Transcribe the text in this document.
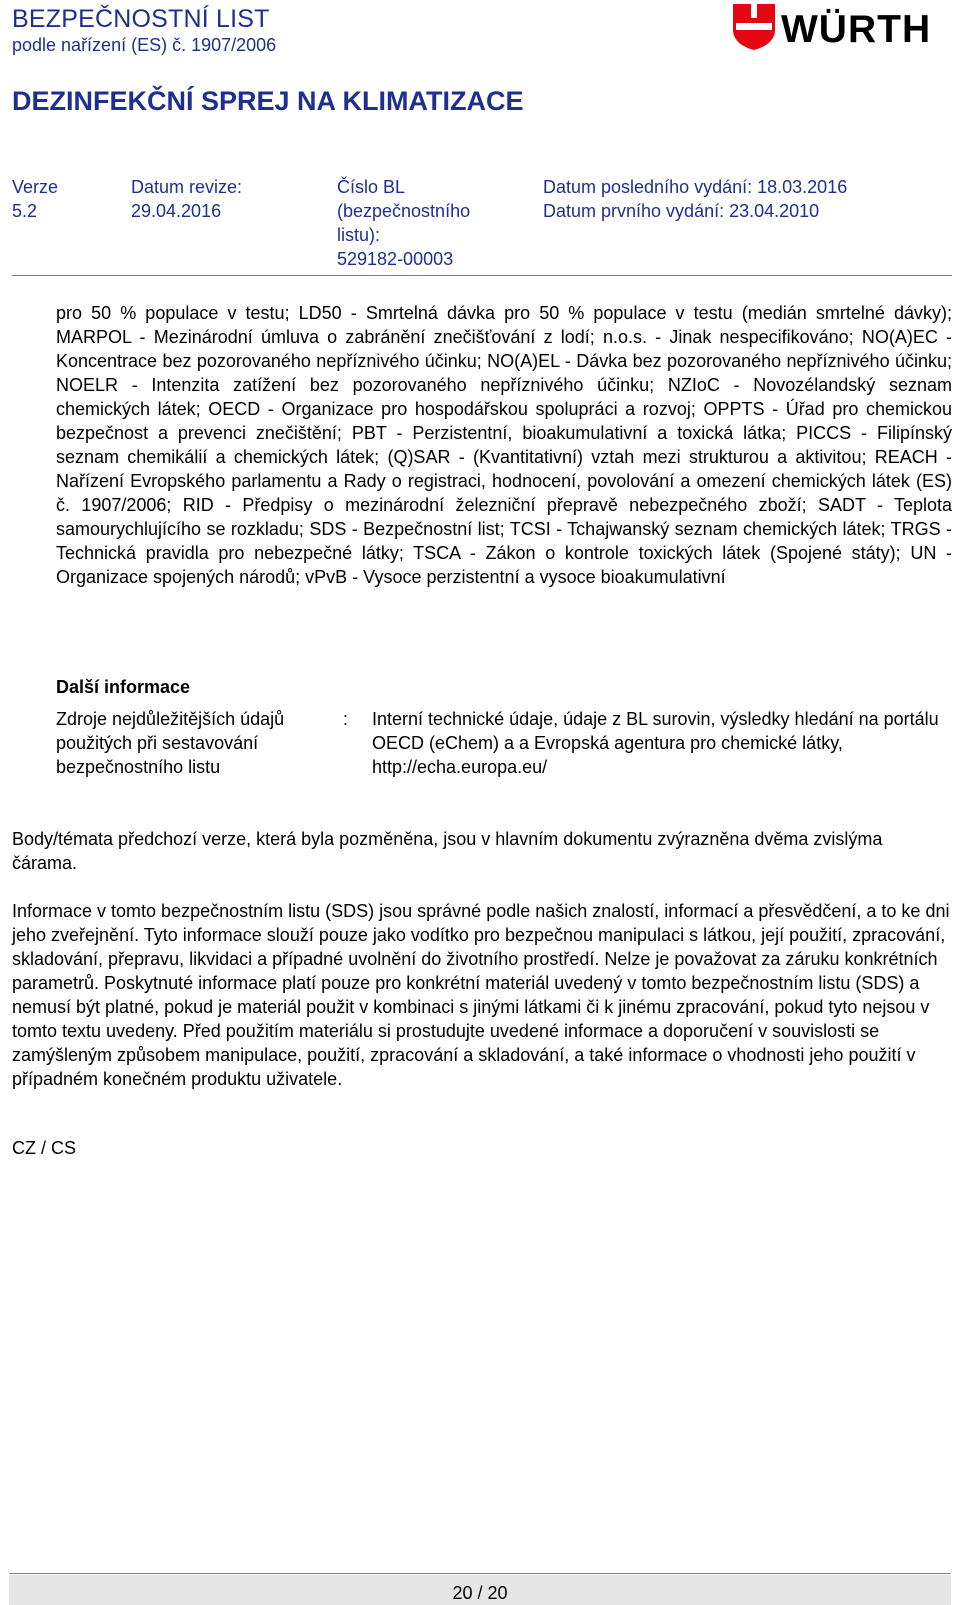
BEZPEČNOSTNÍ LIST
podle nařízení (ES) č. 1907/2006	WÜRTH
DEZINFEKČNÍ SPREJ NA KLIMATIZACE
Verze
5.2
Datum revize:
29.04.2016
Číslo BL
(bezpečnostního
listu):
529182-00003
Datum posledního vydání: 18.03.2016
Datum prvního vydání: 23.04.2010

pro 50 % populace v testu; LD50 - Smrtelná dávka pro 50 % populace v testu (medián smrtelné dávky); MARPOL - Mezinárodní úmluva o zabránění znečišťování z lodí; n.o.s. - Jinak nespecifikováno; NO(A)EC - Koncentrace bez pozorovaného nepříznivého účinku; NO(A)EL - Dávka bez pozorovaného nepříznivého účinku; NOELR - Intenzita zatížení bez pozorovaného nepříznivého účinku; NZIoC - Novozélandský seznam chemických látek; OECD - Organizace pro hospodářskou spolupráci a rozvoj; OPPTS - Úřad pro chemickou bezpečnost a prevenci znečištění; PBT - Perzistentní, bioakumulativní a toxická látka; PICCS - Filipínský seznam chemikálií a chemických látek; (Q)SAR - (Kvantitativní) vztah mezi strukturou a aktivitou; REACH - Nařízení Evropského parlamentu a Rady o registraci, hodnocení, povolování a omezení chemických látek (ES) č. 1907/2006; RID - Předpisy o mezinárodní železniční přepravě nebezpečného zboží; SADT - Teplota samourychlujícího se rozkladu; SDS - Bezpečnostní list; TCSI - Tchajwanský seznam chemických látek; TRGS - Technická pravidla pro nebezpečné látky; TSCA - Zákon o kontrole toxických látek (Spojené státy); UN - Organizace spojených národů; vPvB - Vysoce perzistentní a vysoce bioakumulativní

Další informace
Zdroje nejdůležitějších údajů použitých při sestavování bezpečnostního listu
: Interní technické údaje, údaje z BL surovin, výsledky hledání na portálu OECD (eChem) a a Evropská agentura pro chemické látky, http://echa.europa.eu/

Body/témata předchozí verze, která byla pozměněna, jsou v hlavním dokumentu zvýrazněna dvěma zvislýma čárama.

Informace v tomto bezpečnostním listu (SDS) jsou správné podle našich znalostí, informací a přesvědčení, a to ke dni jeho zveřejnění. Tyto informace slouží pouze jako vodítko pro bezpečnou manipulaci s látkou, její použití, zpracování, skladování, přepravu, likvidaci a případné uvolnění do životního prostředí. Nelze je považovat za záruku konkrétních parametrů. Poskytnuté informace platí pouze pro konkrétní materiál uvedený v tomto bezpečnostním listu (SDS) a nemusí být platné, pokud je materiál použit v kombinaci s jinými látkami či k jinému zpracování, pokud tyto nejsou v tomto textu uvedeny. Před použitím materiálu si prostudujte uvedené informace a doporučení v souvislosti se zamýšleným způsobem manipulace, použití, zpracování a skladování, a také informace o vhodnosti jeho použití v případném konečném produktu uživatele.

CZ / CS
20 / 20
